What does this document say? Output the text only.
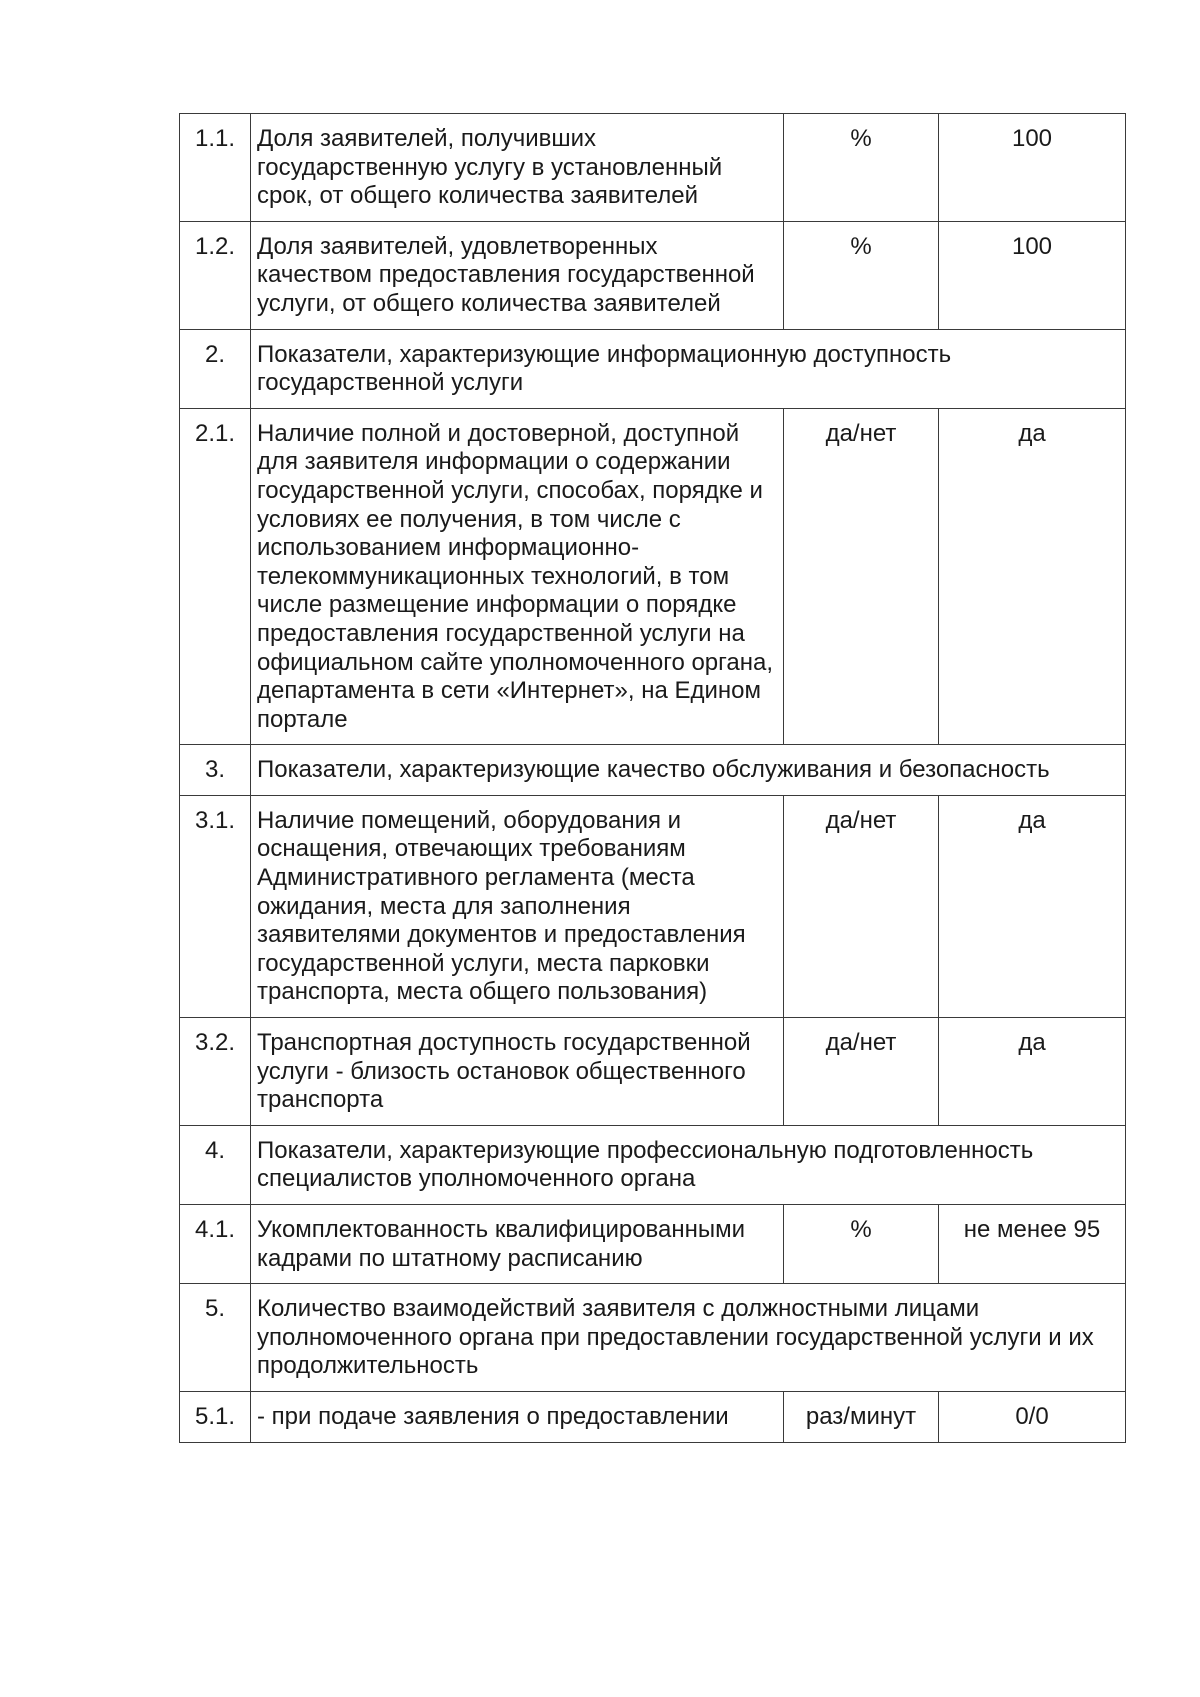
1.1.	Доля заявителей, получивших государственную услугу в установленный срок, от общего количества заявителей	%	100
1.2.	Доля заявителей, удовлетворенных качеством предоставления государственной услуги, от общего количества заявителей	%	100
2.	Показатели, характеризующие информационную доступность государственной услуги		
2.1.	Наличие полной и достоверной, доступной для заявителя информации о содержании государственной услуги, способах, порядке и условиях ее получения, в том числе с использованием информационно-телекоммуникационных технологий, в том числе размещение информации о порядке предоставления государственной услуги на официальном сайте уполномоченного органа, департамента в сети «Интернет», на Едином портале	да/нет	да
3.	Показатели, характеризующие качество обслуживания и безопасность		
3.1.	Наличие помещений, оборудования и оснащения, отвечающих требованиям Административного регламента (места ожидания, места для заполнения заявителями документов и предоставления государственной услуги, места парковки транспорта, места общего пользования)	да/нет	да
3.2.	Транспортная доступность государственной услуги - близость остановок общественного транспорта	да/нет	да
4.	Показатели, характеризующие профессиональную подготовленность специалистов уполномоченного органа		
4.1.	Укомплектованность квалифицированными кадрами по штатному расписанию	%	не менее 95
5.	Количество взаимодействий заявителя с должностными лицами уполномоченного органа при предоставлении государственной услуги и их продолжительность		
5.1.	- при подаче заявления о предоставлении	раз/минут	0/0
